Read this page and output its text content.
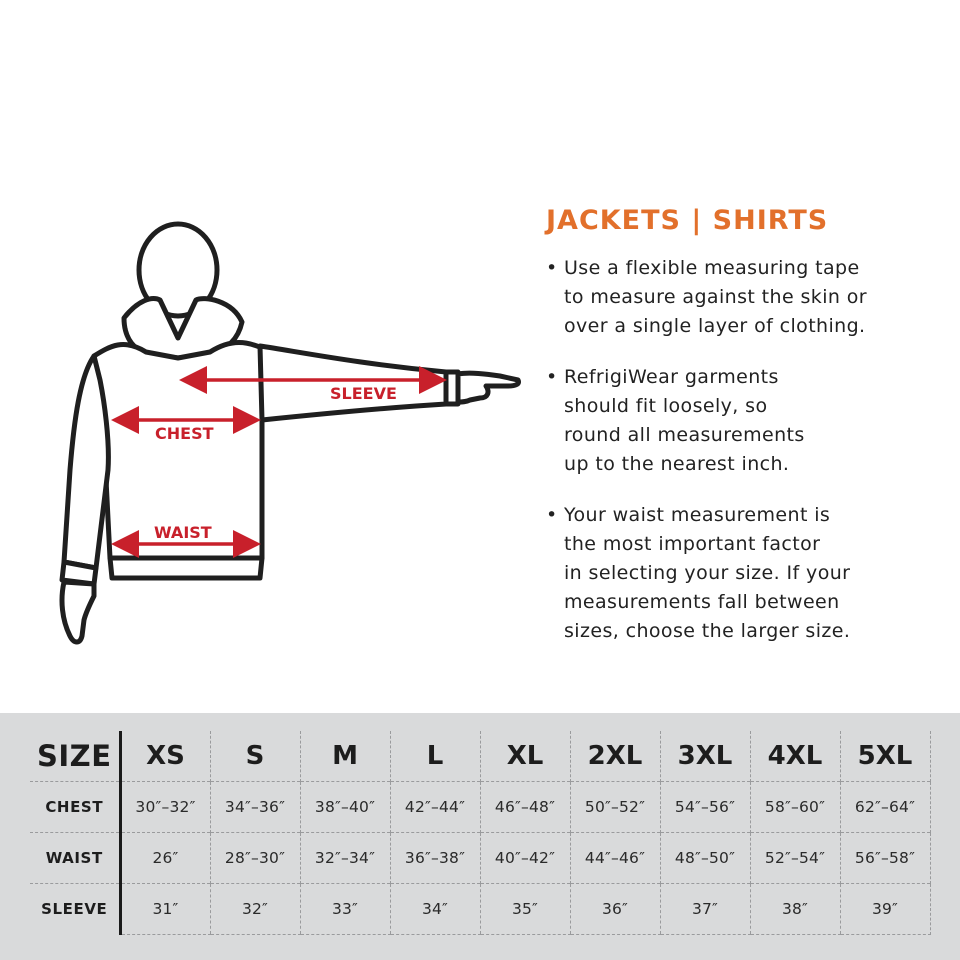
SLEEVE
CHEST
WAIST
JACKETS | SHIRTS
• Use a flexible measuring tape
to measure against the skin or
over a single layer of clothing.
• RefrigiWear garments
should fit loosely, so
round all measurements
up to the nearest inch.
• Your waist measurement is
the most important factor
in selecting your size. If your
measurements fall between
sizes, choose the larger size.
SIZE	XS	S	M	L	XL	2XL	3XL	4XL	5XL
CHEST	30″–32″	34″–36″	38″–40″	42″–44″	46″–48″	50″–52″	54″–56″	58″–60″	62″–64″
WAIST	26″	28″–30″	32″–34″	36″–38″	40″–42″	44″–46″	48″–50″	52″–54″	56″–58″
SLEEVE	31″	32″	33″	34″	35″	36″	37″	38″	39″
